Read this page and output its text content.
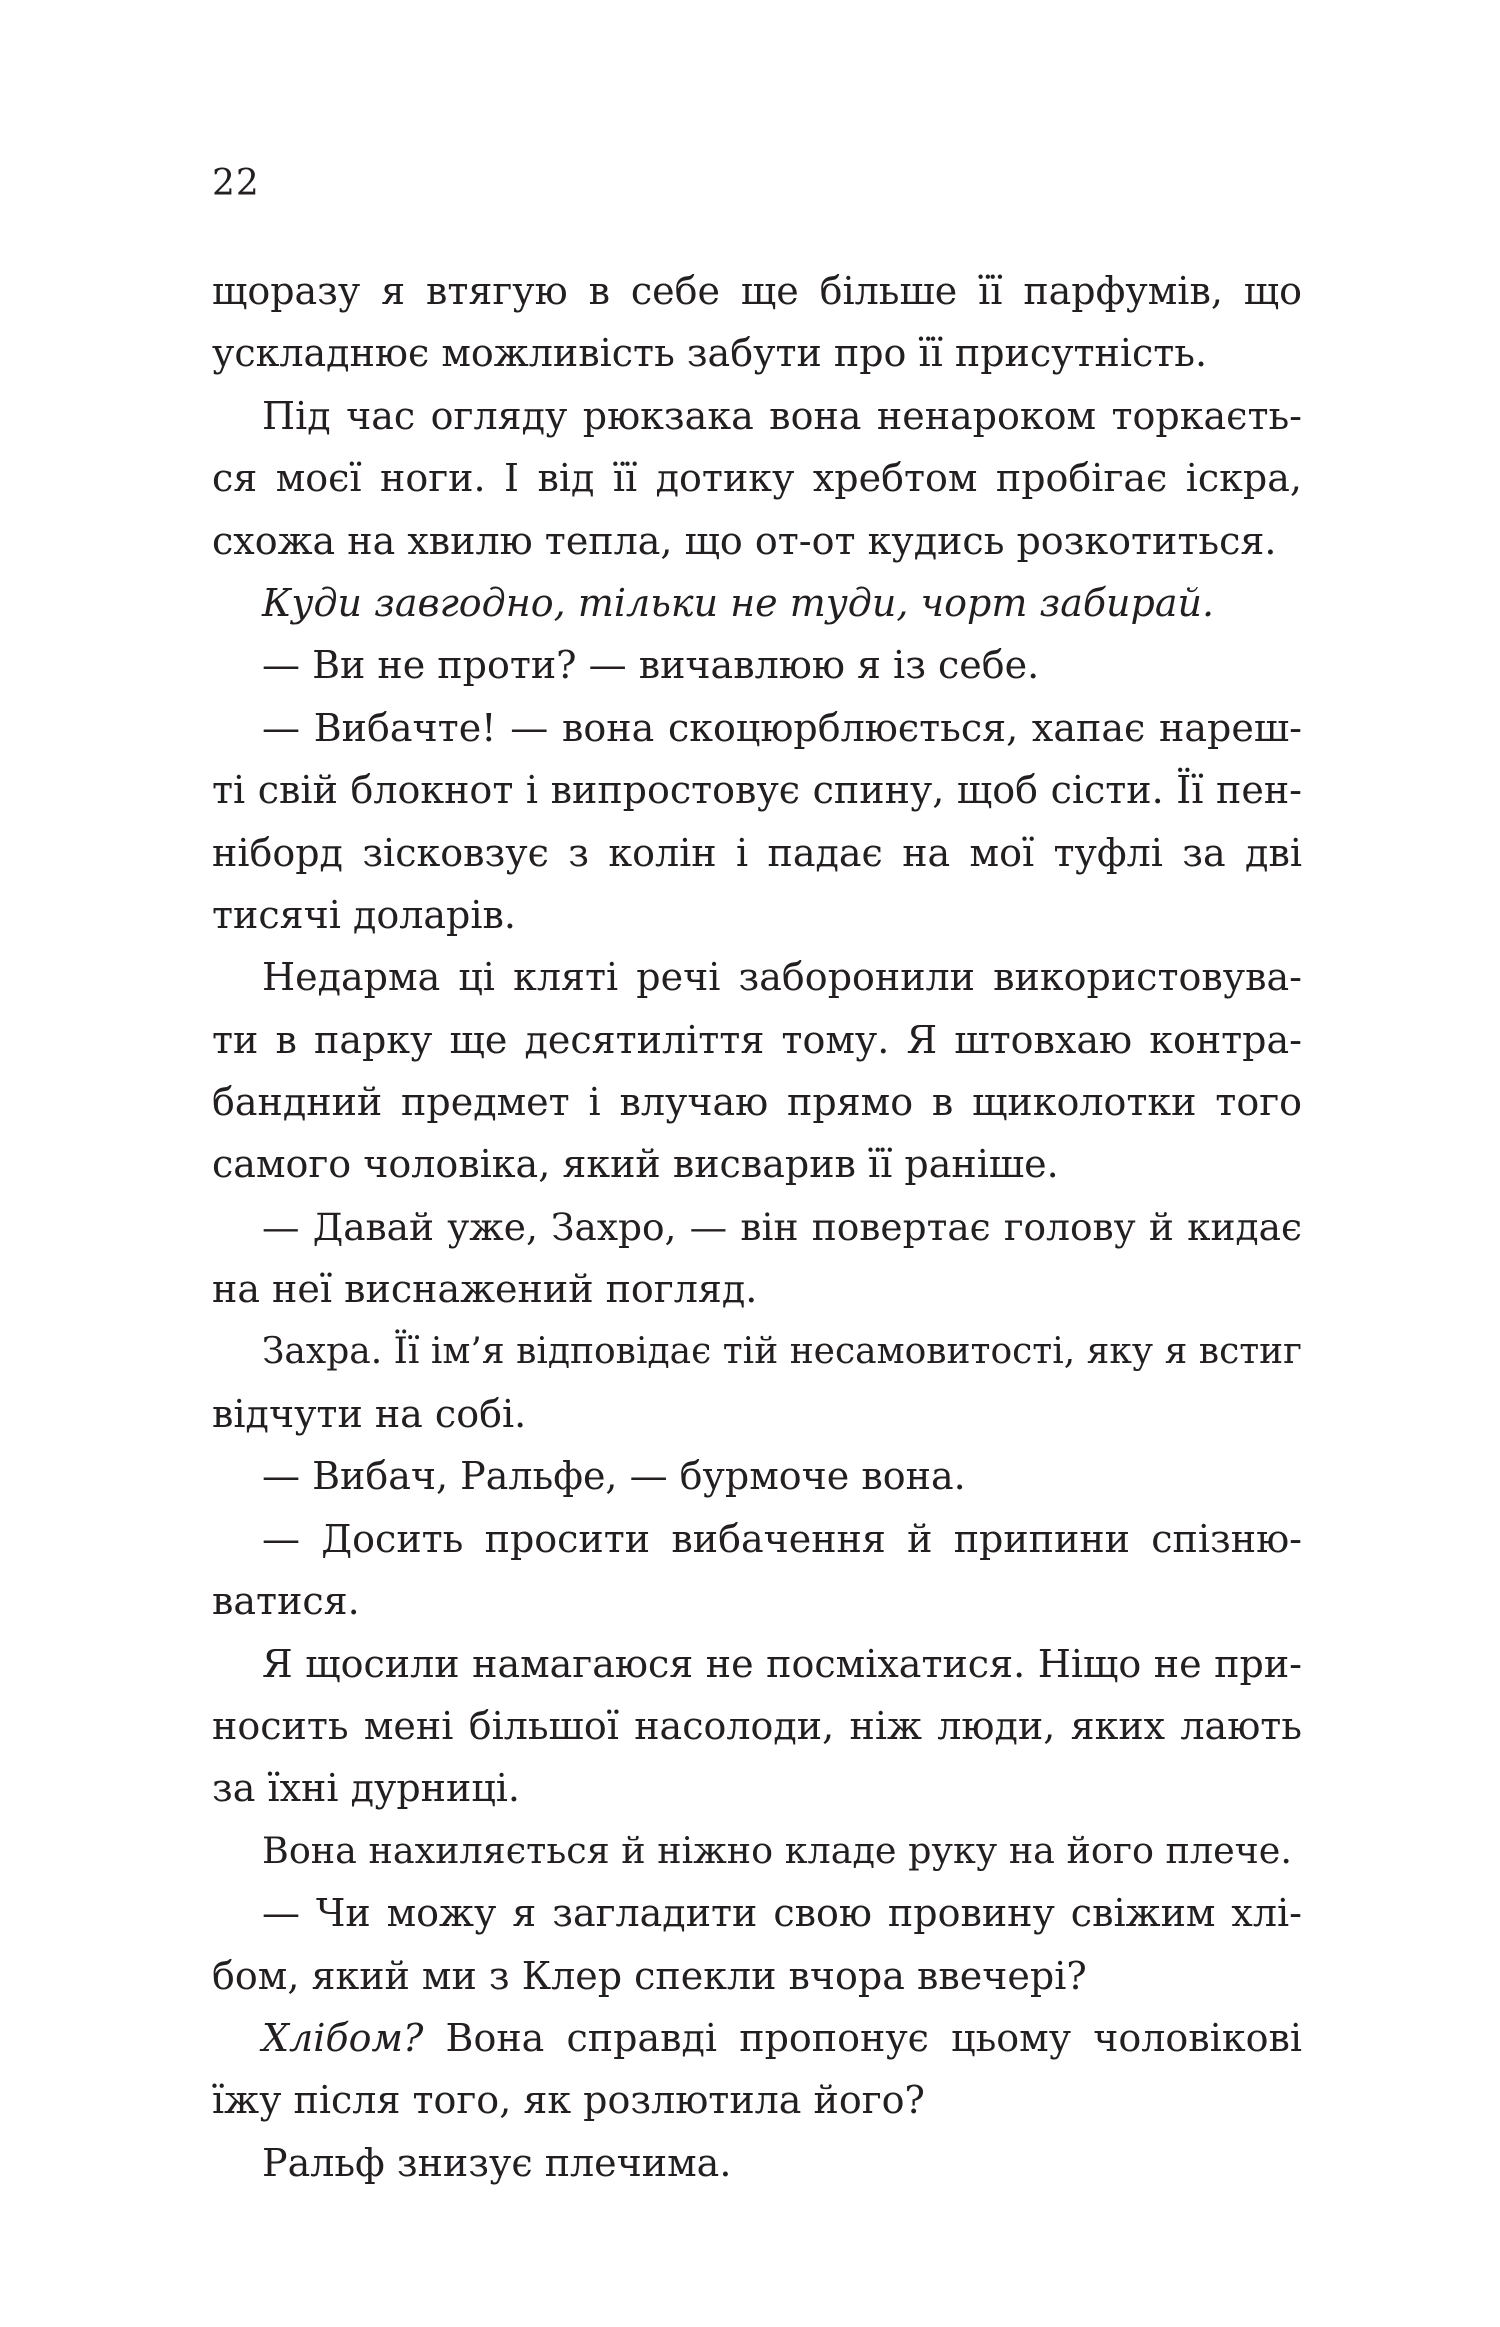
22
щоразу я втягую в себе ще більше її парфумів, що
ускладнює можливість забути про її присутність.
Під час огляду рюкзака вона ненароком торкаєть-
ся моєї ноги. І від її дотику хребтом пробігає іскра,
схожа на хвилю тепла, що от-от кудись розкотиться.
Куди завгодно, тільки не туди, чорт забирай.
— Ви не проти? — вичавлюю я із себе.
— Вибачте! — вона скоцюрблюється, хапає нареш-
ті свій блокнот і випростовує спину, щоб сісти. Її пен-
ніборд зісковзує з колін і падає на мої туфлі за дві
тисячі доларів.
Недарма ці кляті речі заборонили використовува-
ти в парку ще десятиліття тому. Я штовхаю контра-
бандний предмет і влучаю прямо в щиколотки того
самого чоловіка, який висварив її раніше.
— Давай уже, Захро, — він повертає голову й кидає
на неї виснажений погляд.
Захра. Її ім’я відповідає тій несамовитості, яку я встиг
відчути на собі.
— Вибач, Ральфе, — бурмоче вона.
— Досить просити вибачення й припини спізню-
ватися.
Я щосили намагаюся не посміхатися. Ніщо не при-
носить мені більшої насолоди, ніж люди, яких лають
за їхні дурниці.
Вона нахиляється й ніжно кладе руку на його плече.
— Чи можу я загладити свою провину свіжим хлі-
бом, який ми з Клер спекли вчора ввечері?
Хлібом? Вона справді пропонує цьому чоловікові
їжу після того, як розлютила його?
Ральф знизує плечима.
